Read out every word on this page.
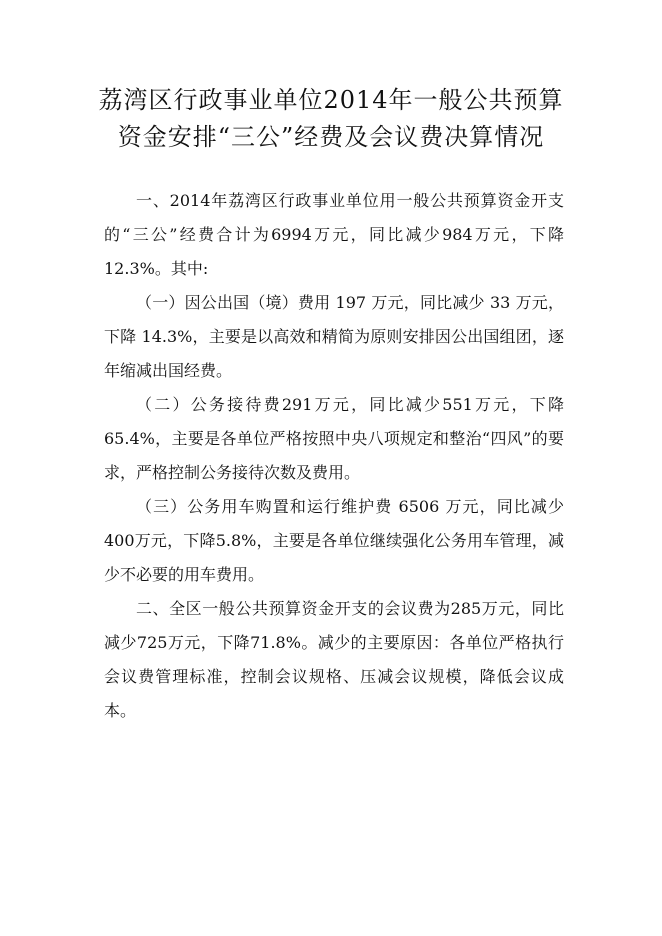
荔湾区行政事业单位2014年一般公共预算
资金安排“三公”经费及会议费决算情况

一、2014年荔湾区行政事业单位用一般公共预算资金开支的“三公”经费合计为6994万元，同比减少984万元，下降12.3%。其中:

（一）因公出国（境）费用 197 万元，同比减少 33 万元，下降 14.3%，主要是以高效和精简为原则安排因公出国组团，逐年缩减出国经费。

（二）公务接待费291万元，同比减少551万元，下降65.4%，主要是各单位严格按照中央八项规定和整治“四风”的要求，严格控制公务接待次数及费用。

（三）公务用车购置和运行维护费 6506 万元，同比减少 400万元，下降5.8%，主要是各单位继续强化公务用车管理，减少不必要的用车费用。

二、全区一般公共预算资金开支的会议费为285万元，同比减少725万元，下降71.8%。减少的主要原因：各单位严格执行会议费管理标准，控制会议规格、压减会议规模，降低会议成本。
